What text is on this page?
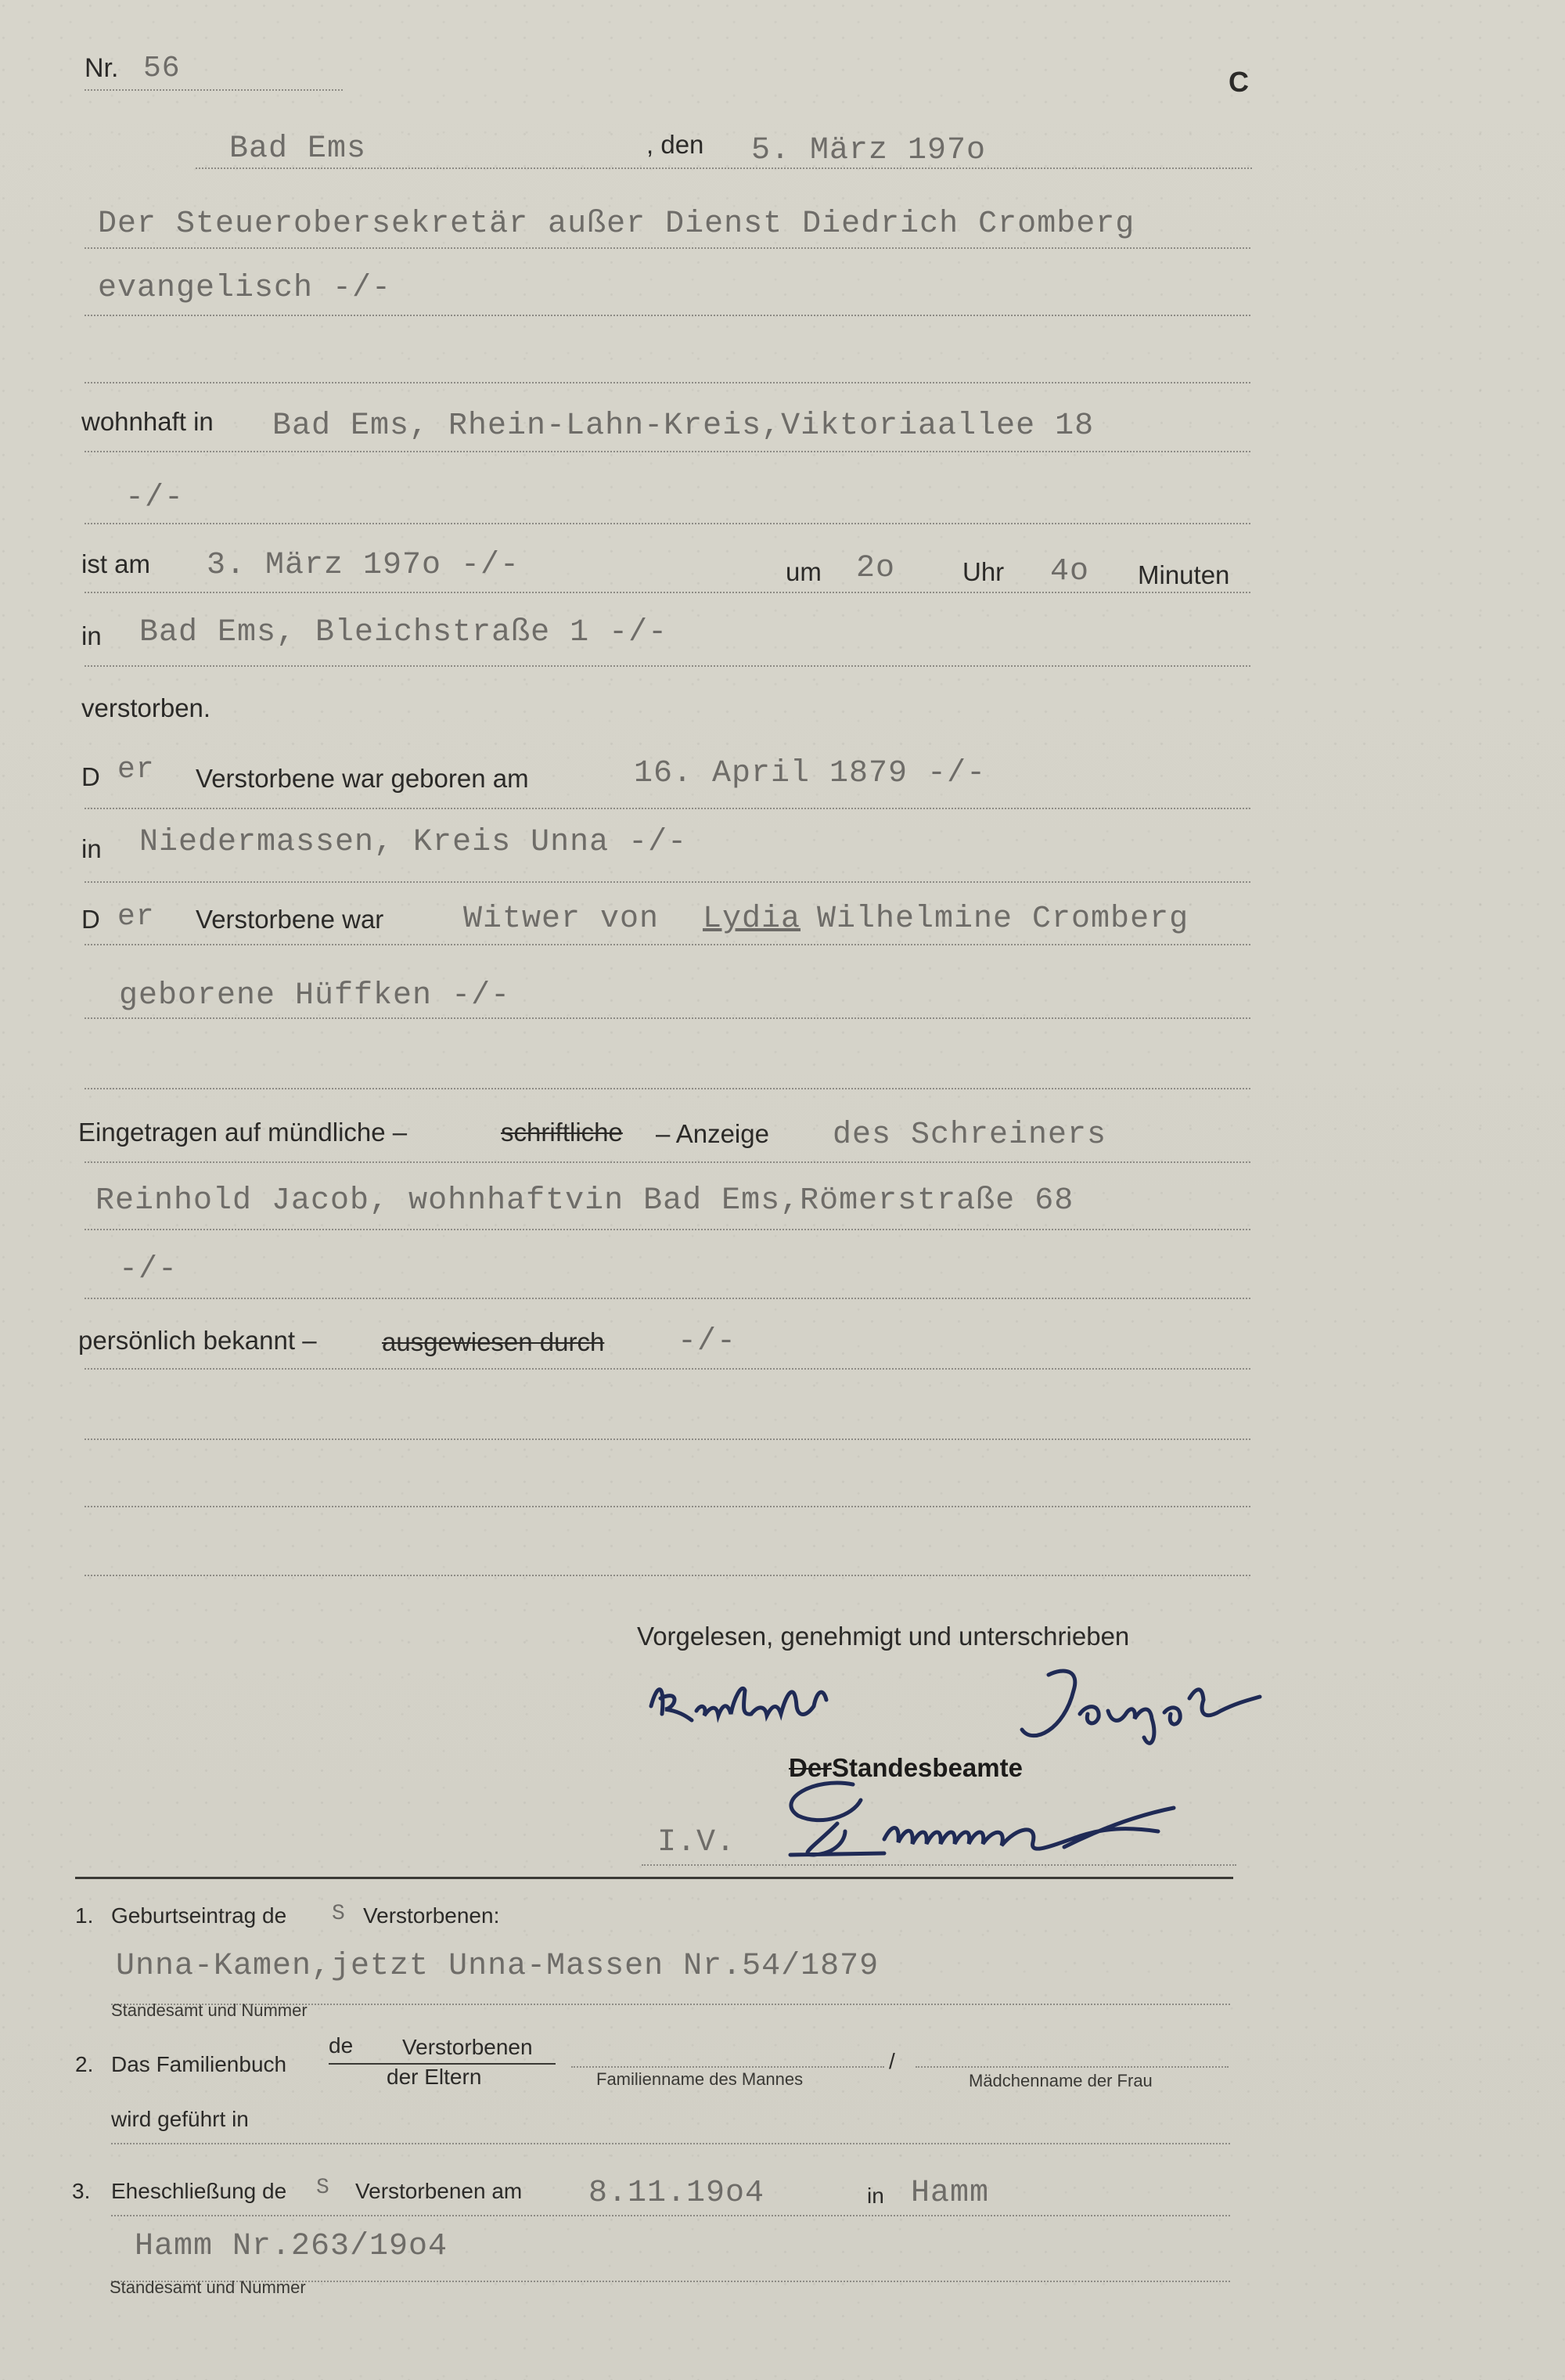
Nr. 56	C
Bad Ems	, den 5. März 197o
Der Steuerobersekretär außer Dienst Diedrich Cromberg
evangelisch -/-
wohnhaft in Bad Ems, Rhein-Lahn-Kreis,Viktoriaallee 18
-/-
ist am 3. März 197o -/-	um 2o	Uhr 4o Minuten
in Bad Ems, Bleichstraße 1 -/-
verstorben.
D er Verstorbene war geboren am	16. April 1879 -/-
in Niedermassen, Kreis Unna -/-
D er Verstorbene war	Witwer von Lydia Wilhelmine Cromberg
geborene Hüffken -/-
Eingetragen auf mündliche –	schriftliche – Anzeige des Schreiners
Reinhold Jacob, wohnhaftvin Bad Ems,Römerstraße 68
-/-
persönlich bekannt –	ausgewiesen durch -/-
Vorgelesen, genehmigt und unterschrieben
DerStandesbeamte
I.V.
1. Geburtseintrag de S Verstorbenen:
Unna-Kamen,jetzt Unna-Massen Nr.54/1879
Standesamt und Nummer
2. Das Familienbuch
de Verstorbenen
der Eltern	Familienname des Mannes
/
Mädchenname der Frau
wird geführt in
3. Eheschließung de S Verstorbenen am 8.11.19o4	in Hamm
Hamm Nr.263/19o4
Standesamt und Nummer
